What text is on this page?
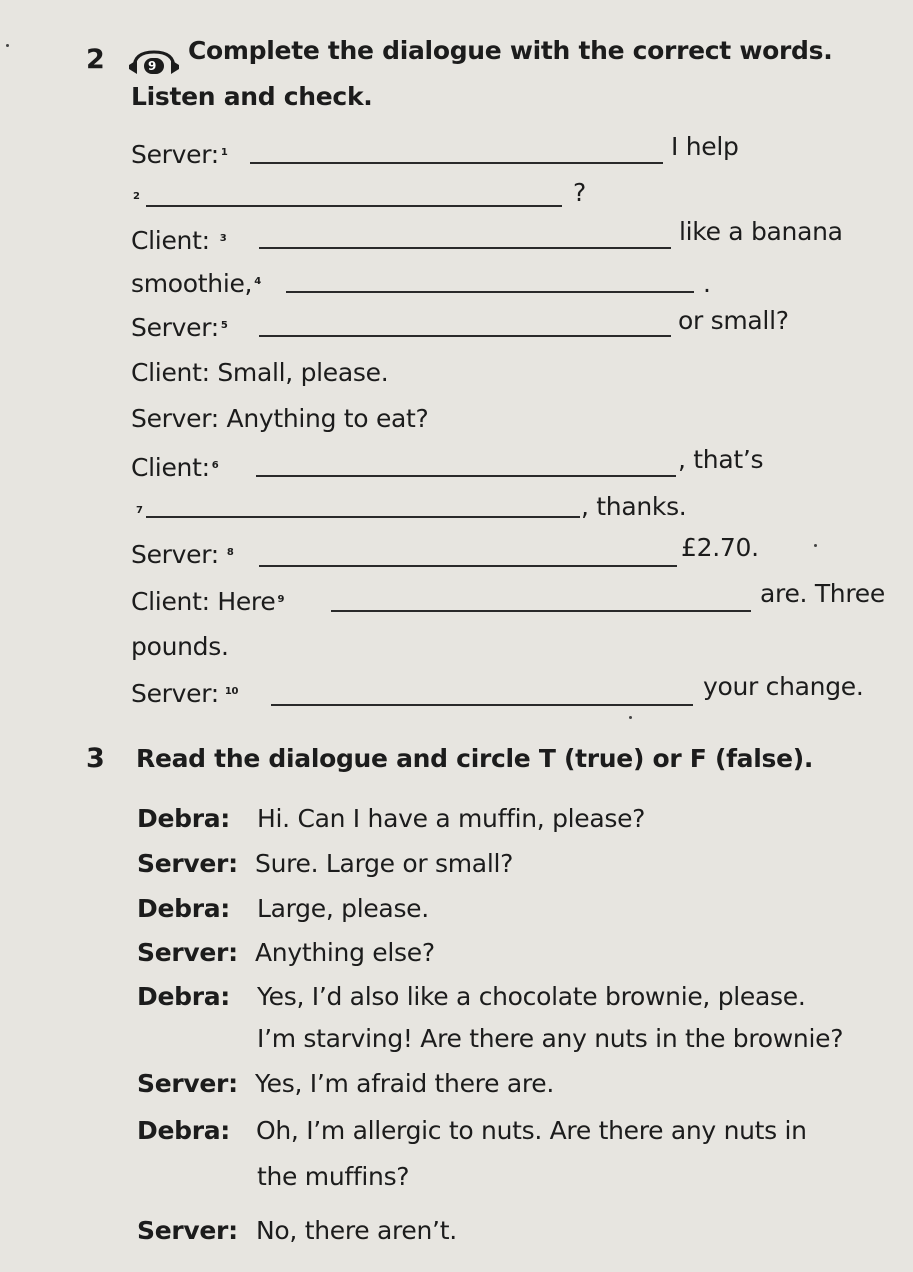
2	9
Complete the dialogue with the correct words.
Listen and check.
Server: $^1$	I help
2	?
Client: $^3$	like a banana
smoothie, $^4$	.
Server: $^5$	or small?
Client: Small, please.
Server: Anything to eat?
Client: $^6$	, that’s
7	, thanks.
Server: $^8$	£2.70.
Client: Here $^9$	are. Three
pounds.
Server: $^{10}$	your change.
3 Read the dialogue and circle T (true) or F (false).
Debra: Hi. Can I have a muffin, please?
Server: Sure. Large or small?
Debra: Large, please.
Server: Anything else?
Debra: Yes, I’d also like a chocolate brownie, please.
I’m starving! Are there any nuts in the brownie?
Server: Yes, I’m afraid there are.
Debra: Oh, I’m allergic to nuts. Are there any nuts in
the muffins?
Server: No, there aren’t.
